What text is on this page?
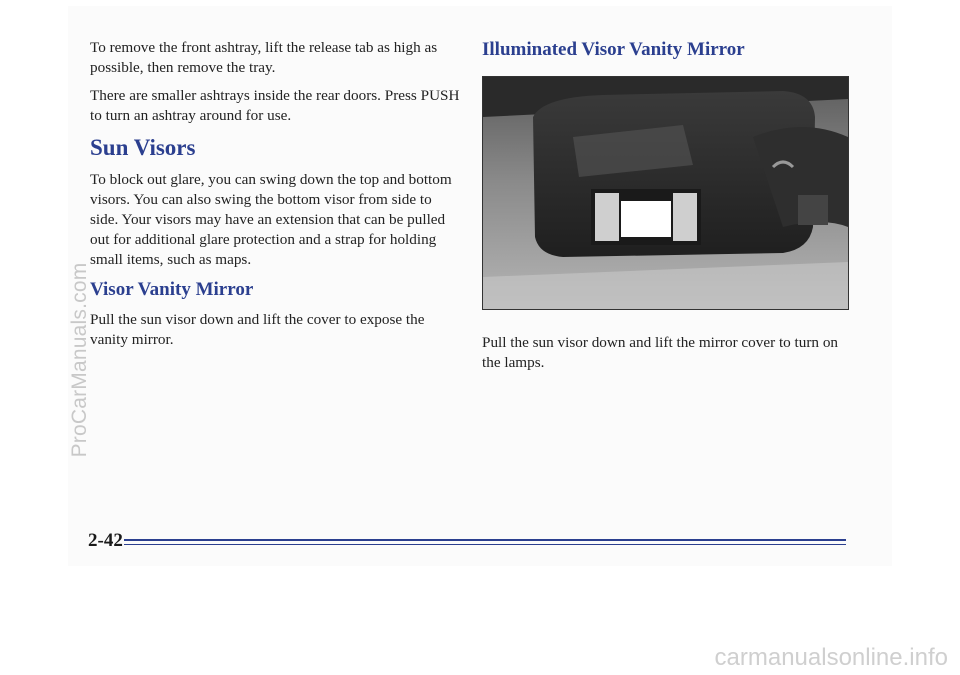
To remove the front ashtray, lift the release tab as high as possible, then remove the tray.

There are smaller ashtrays inside the rear doors. Press PUSH to turn an ashtray around for use.

Sun Visors

To block out glare, you can swing down the top and bottom visors. You can also swing the bottom visor from side to side. Your visors may have an extension that can be pulled out for additional glare protection and a strap for holding small items, such as maps.

Visor Vanity Mirror

Pull the sun visor down and lift the cover to expose the vanity mirror.

Illuminated Visor Vanity Mirror

Pull the sun visor down and lift the mirror cover to turn on the lamps.

2-42
ProCarManuals.com
carmanualsonline.info
